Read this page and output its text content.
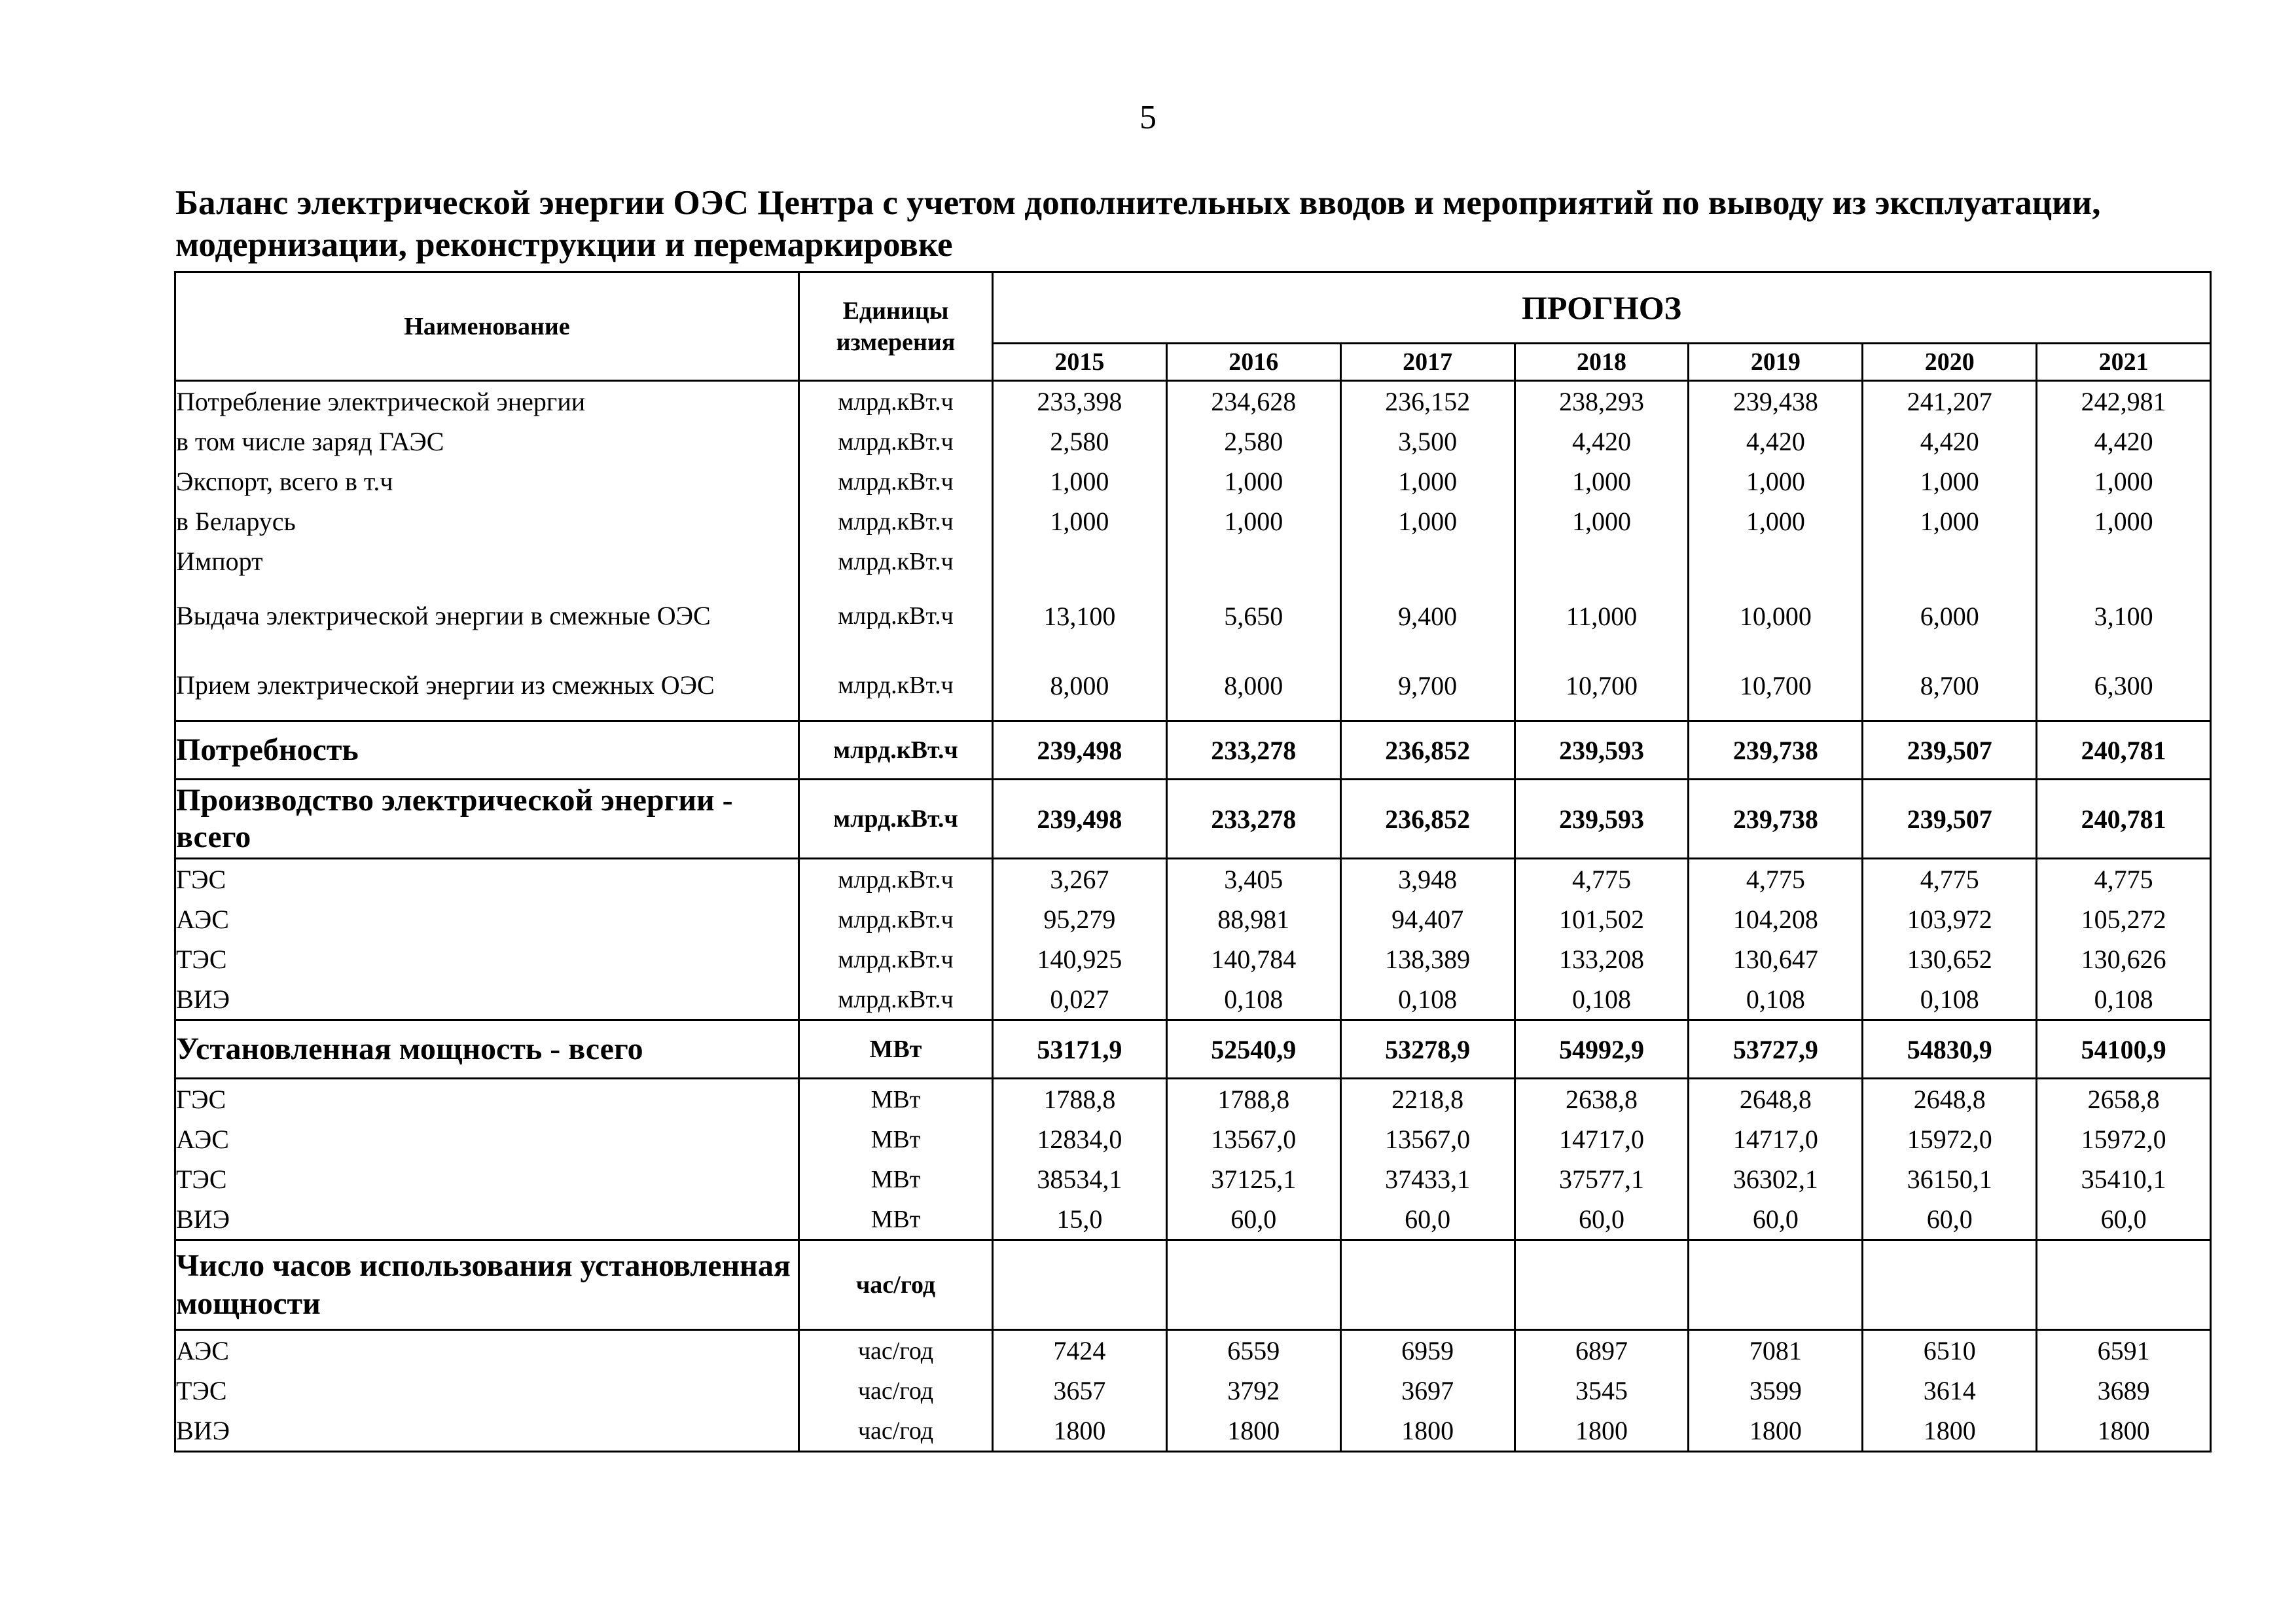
5
Баланс электрической энергии ОЭС Центра с учетом дополнительных вводов и мероприятий по выводу из эксплуатации, модернизации, реконструкции и перемаркировке
Наименование	Единицы измерения	ПРОГНОЗ						
		2015	2016	2017	2018	2019	2020	2021
Потребление электрической энергии	млрд.кВт.ч	233,398	234,628	236,152	238,293	239,438	241,207	242,981
в том числе заряд ГАЭС	млрд.кВт.ч	2,580	2,580	3,500	4,420	4,420	4,420	4,420
Экспорт, всего в т.ч	млрд.кВт.ч	1,000	1,000	1,000	1,000	1,000	1,000	1,000
в Беларусь	млрд.кВт.ч	1,000	1,000	1,000	1,000	1,000	1,000	1,000
Импорт	млрд.кВт.ч							
Выдача электрической энергии в смежные ОЭС	млрд.кВт.ч	13,100	5,650	9,400	11,000	10,000	6,000	3,100
Прием электрической энергии из смежных ОЭС	млрд.кВт.ч	8,000	8,000	9,700	10,700	10,700	8,700	6,300
Потребность	млрд.кВт.ч	239,498	233,278	236,852	239,593	239,738	239,507	240,781
Производство электрической энергии - всего	млрд.кВт.ч	239,498	233,278	236,852	239,593	239,738	239,507	240,781
ГЭС	млрд.кВт.ч	3,267	3,405	3,948	4,775	4,775	4,775	4,775
АЭС	млрд.кВт.ч	95,279	88,981	94,407	101,502	104,208	103,972	105,272
ТЭС	млрд.кВт.ч	140,925	140,784	138,389	133,208	130,647	130,652	130,626
ВИЭ	млрд.кВт.ч	0,027	0,108	0,108	0,108	0,108	0,108	0,108
Установленная мощность - всего	МВт	53171,9	52540,9	53278,9	54992,9	53727,9	54830,9	54100,9
ГЭС	МВт	1788,8	1788,8	2218,8	2638,8	2648,8	2648,8	2658,8
АЭС	МВт	12834,0	13567,0	13567,0	14717,0	14717,0	15972,0	15972,0
ТЭС	МВт	38534,1	37125,1	37433,1	37577,1	36302,1	36150,1	35410,1
ВИЭ	МВт	15,0	60,0	60,0	60,0	60,0	60,0	60,0
Число часов использования установленная мощности	час/год							
АЭС	час/год	7424	6559	6959	6897	7081	6510	6591
ТЭС	час/год	3657	3792	3697	3545	3599	3614	3689
ВИЭ	час/год	1800	1800	1800	1800	1800	1800	1800
